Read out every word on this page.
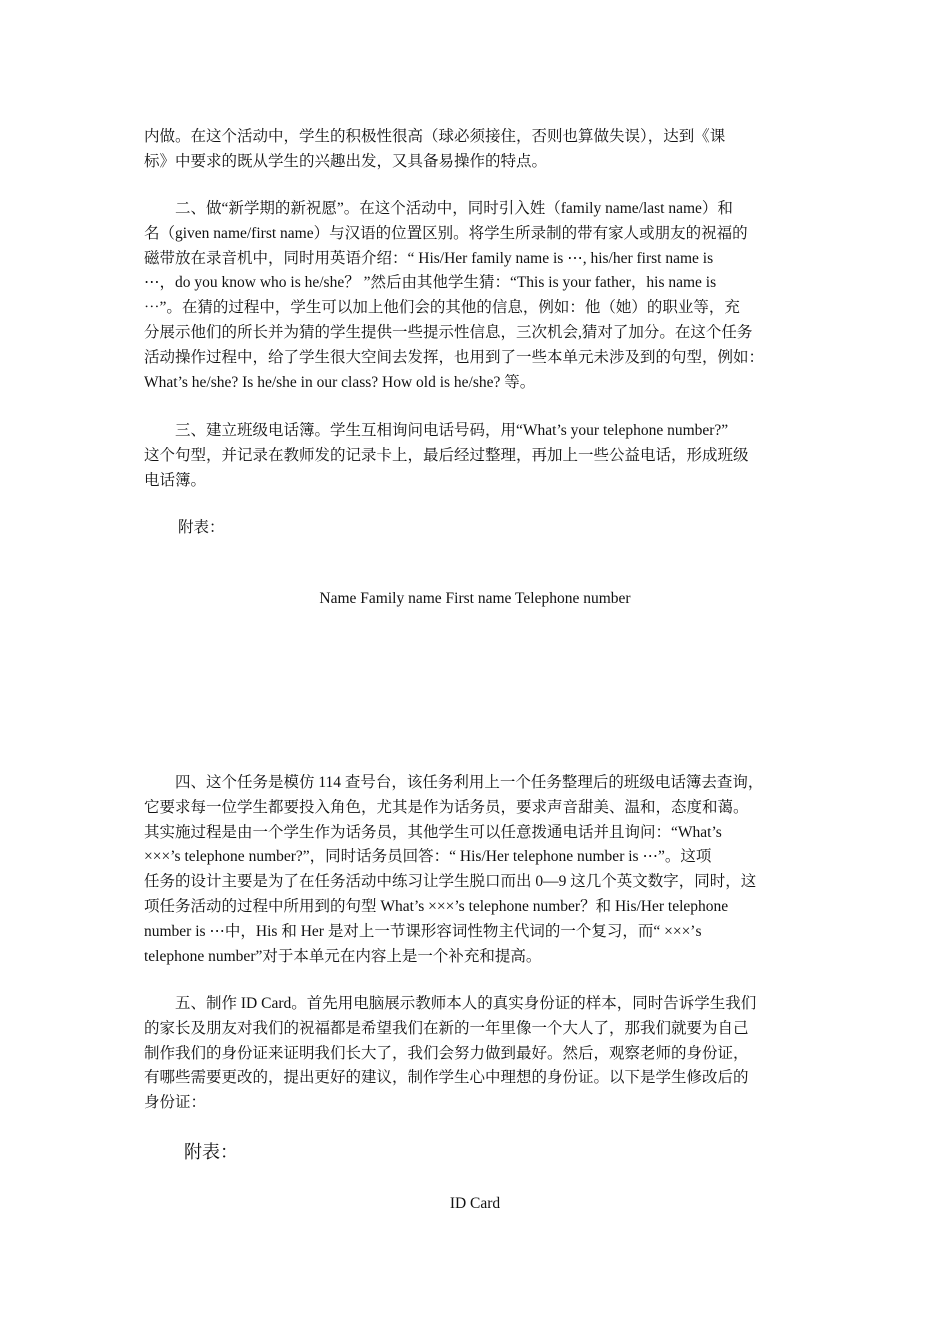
内做。在这个活动中，学生的积极性很高（球必须接住，否则也算做失误），达到《课

标》中要求的既从学生的兴趣出发，又具备易操作的特点。

　　二、做“新学期的新祝愿”。在这个活动中，同时引入姓（family name/last name）和

名（given name/first name）与汉语的位置区别。将学生所录制的带有家人或朋友的祝福的

磁带放在录音机中，同时用英语介绍：“ His/Her family name is ⋯, his/her first name is

⋯，do you know who is he/she？ ”然后由其他学生猜：“This is your father，his name is

⋯”。在猜的过程中，学生可以加上他们会的其他的信息，例如：他（她）的职业等，充

分展示他们的所长并为猜的学生提供一些提示性信息，三次机会,猜对了加分。在这个任务

活动操作过程中，给了学生很大空间去发挥，也用到了一些本单元未涉及到的句型，例如：

What’s he/she? Is he/she in our class? How old is he/she? 等。

　　三、建立班级电话簿。学生互相询问电话号码，用“What’s your telephone number?”

这个句型，并记录在教师发的记录卡上，最后经过整理，再加上一些公益电话，形成班级

电话簿。

附表：
Name Family name First name Telephone number

　　四、这个任务是模仿 114 查号台，该任务利用上一个任务整理后的班级电话簿去查询，

它要求每一位学生都要投入角色，尤其是作为话务员，要求声音甜美、温和，态度和蔼。

其实施过程是由一个学生作为话务员，其他学生可以任意拨通电话并且询问：“What’s

×××’s telephone number?”，同时话务员回答：“ His/Her telephone number is ⋯”。这项

任务的设计主要是为了在任务活动中练习让学生脱口而出 0—9 这几个英文数字，同时，这

项任务活动的过程中所用到的句型 What’s ×××’s telephone number？和 His/Her telephone

number is ⋯中，His 和 Her 是对上一节课形容词性物主代词的一个复习，而“ ×××’s

telephone number”对于本单元在内容上是一个补充和提高。

　　五、制作 ID Card。首先用电脑展示教师本人的真实身份证的样本，同时告诉学生我们

的家长及朋友对我们的祝福都是希望我们在新的一年里像一个大人了，那我们就要为自己

制作我们的身份证来证明我们长大了，我们会努力做到最好。然后，观察老师的身份证，

有哪些需要更改的，提出更好的建议，制作学生心中理想的身份证。以下是学生修改后的

身份证：

附表：
ID Card
